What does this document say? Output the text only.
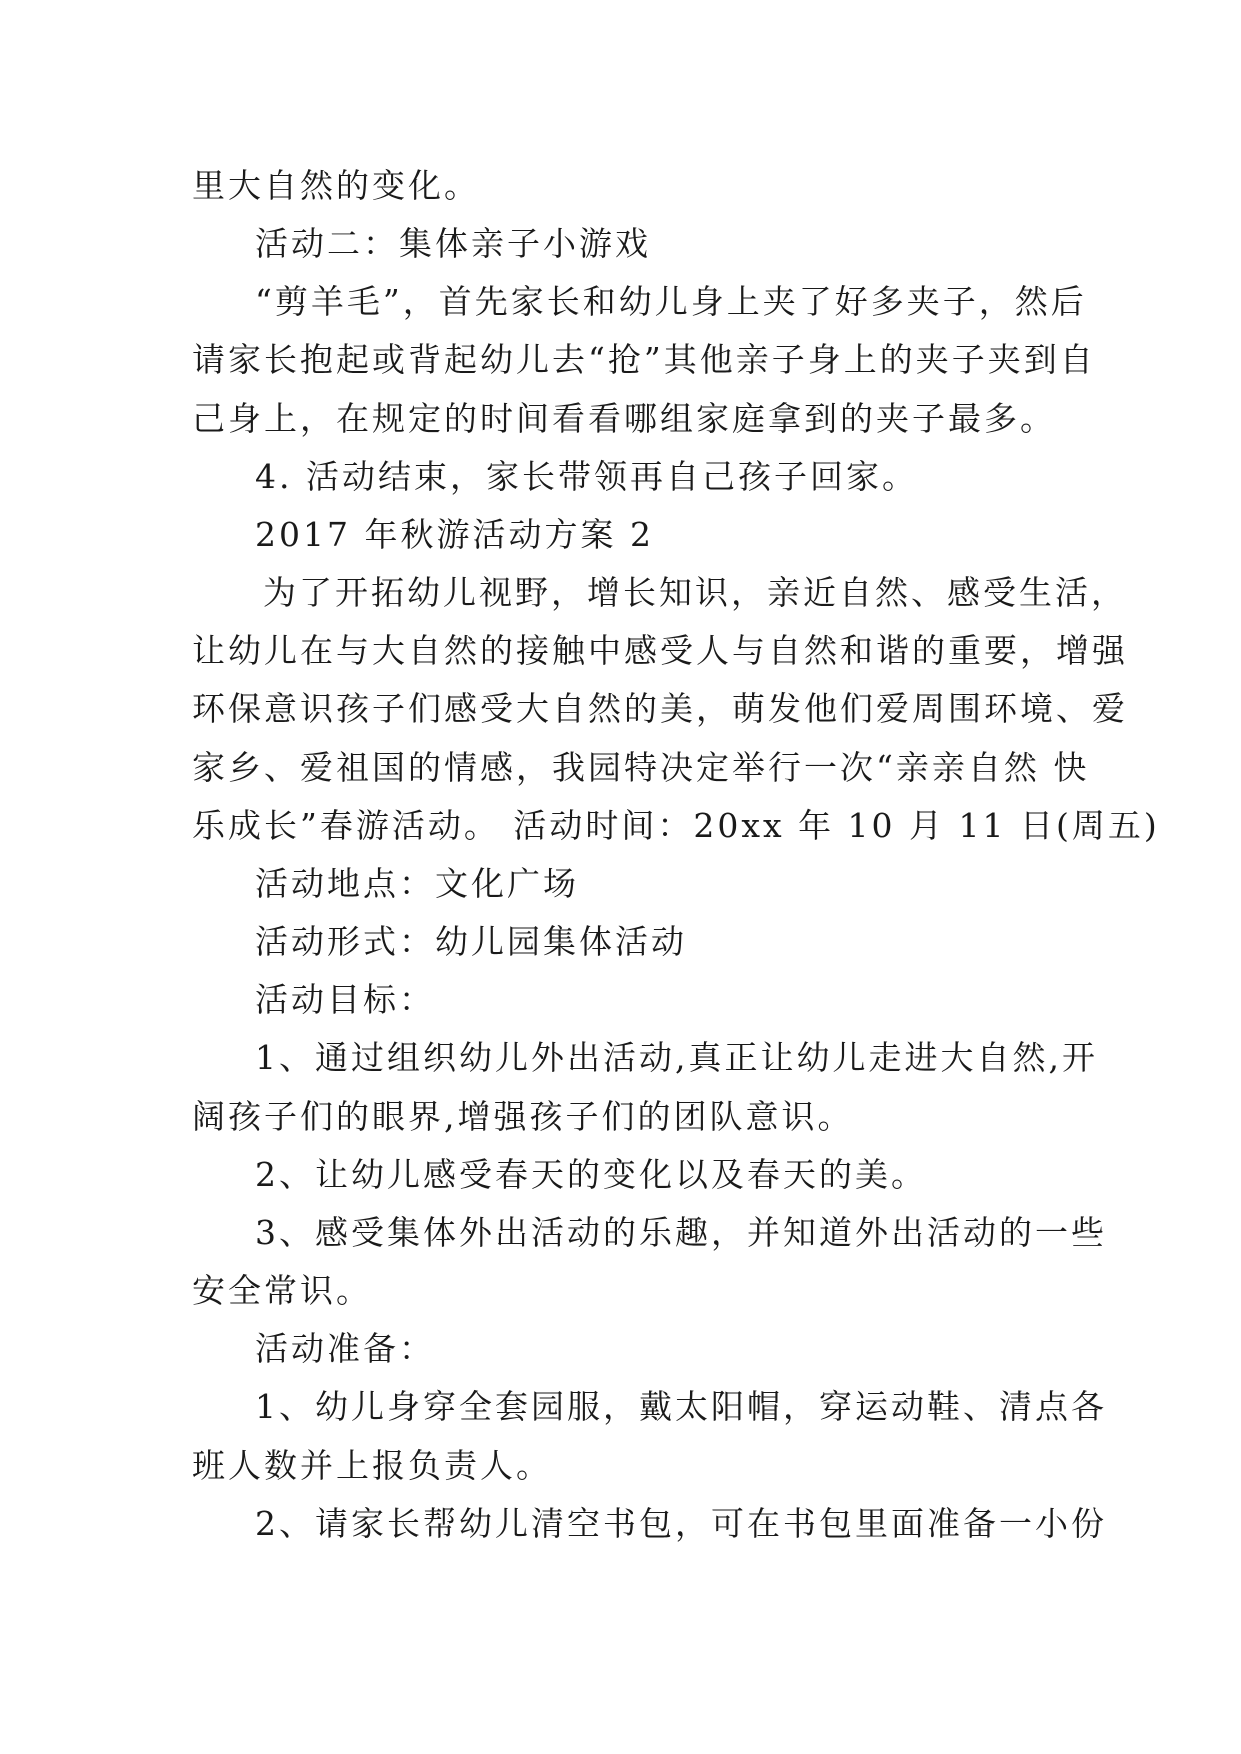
里大自然的变化。
活动二：集体亲子小游戏
“剪羊毛”，首先家长和幼儿身上夹了好多夹子，然后
请家长抱起或背起幼儿去“抢”其他亲子身上的夹子夹到自
己身上，在规定的时间看看哪组家庭拿到的夹子最多。
4. 活动结束，家长带领再自己孩子回家。
2017 年秋游活动方案 2
为了开拓幼儿视野，增长知识，亲近自然、感受生活，
让幼儿在与大自然的接触中感受人与自然和谐的重要，增强
环保意识孩子们感受大自然的美，萌发他们爱周围环境、爱
家乡、爱祖国的情感，我园特决定举行一次“亲亲自然 快
乐成长”春游活动。 活动时间：20xx 年 10 月 11 日(周五)
活动地点：文化广场
活动形式：幼儿园集体活动
活动目标：
1、通过组织幼儿外出活动,真正让幼儿走进大自然,开
阔孩子们的眼界,增强孩子们的团队意识。
2、让幼儿感受春天的变化以及春天的美。
3、感受集体外出活动的乐趣，并知道外出活动的一些
安全常识。
活动准备：
1、幼儿身穿全套园服，戴太阳帽，穿运动鞋、清点各
班人数并上报负责人。
2、请家长帮幼儿清空书包，可在书包里面准备一小份
